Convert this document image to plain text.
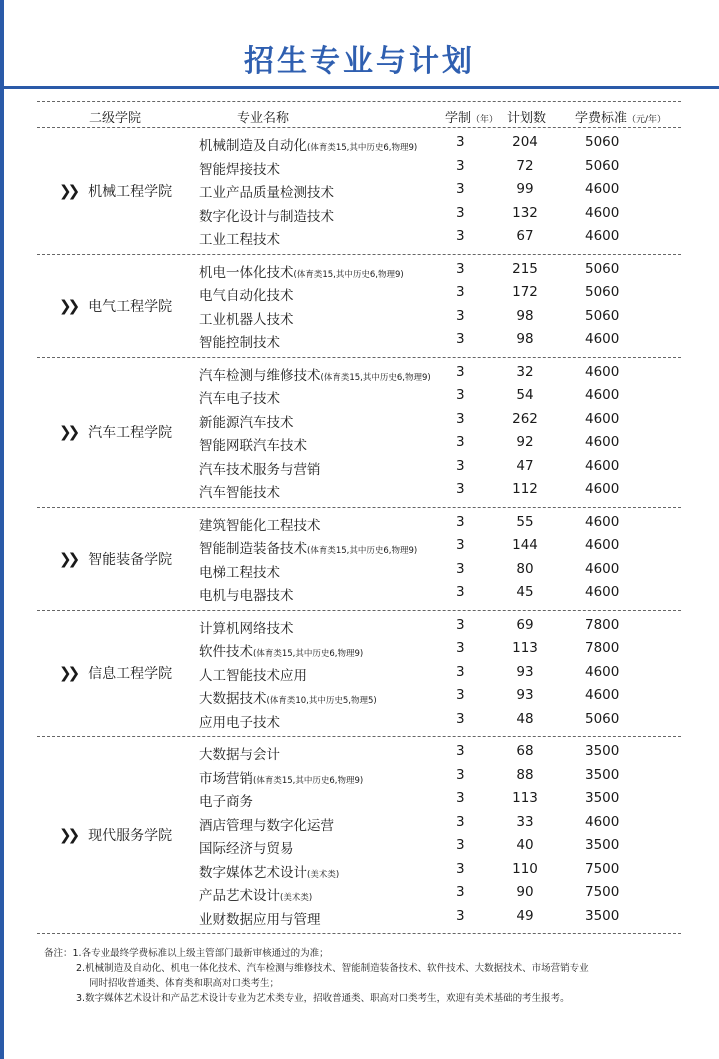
招生专业与计划
二级学院	专业名称	学制（年） 计划数 学费标准（元/年）
❯❯ 机械工程学院
机械制造及自动化(体育类15,其中历史6,物理9)	3	204	5060
智能焊接技术	3	72	5060
工业产品质量检测技术	3	99	4600
数字化设计与制造技术	3	132	4600
工业工程技术	3	67	4600
❯❯ 电气工程学院
机电一体化技术(体育类15,其中历史6,物理9)	3	215	5060
电气自动化技术	3	172	5060
工业机器人技术	3	98	5060
智能控制技术	3	98	4600
❯❯ 汽车工程学院
汽车检测与维修技术(体育类15,其中历史6,物理9) 3	32	4600
汽车电子技术	3	54	4600
新能源汽车技术	3	262	4600
智能网联汽车技术	3	92	4600
汽车技术服务与营销	3	47	4600
汽车智能技术	3	112	4600
❯❯ 智能装备学院
建筑智能化工程技术	3	55	4600
智能制造装备技术(体育类15,其中历史6,物理9)	3	144	4600
电梯工程技术	3	80	4600
电机与电器技术	3	45	4600
❯❯ 信息工程学院
计算机网络技术	3	69	7800
软件技术(体育类15,其中历史6,物理9)	3	113	7800
人工智能技术应用	3	93	4600
大数据技术(体育类10,其中历史5,物理5)	3	93	4600
应用电子技术	3	48	5060
❯❯ 现代服务学院
大数据与会计	3	68	3500
市场营销(体育类15,其中历史6,物理9)	3	88	3500
电子商务	3	113	3500
酒店管理与数字化运营	3	33	4600
国际经济与贸易	3	40	3500
数字媒体艺术设计(美术类)	3	110	7500
产品艺术设计(美术类)	3	90	7500
业财数据应用与管理	3	49	3500
备注：1.各专业最终学费标准以上级主管部门最新审核通过的为准；
2.机械制造及自动化、机电一体化技术、汽车检测与维修技术、智能制造装备技术、软件技术、大数据技术、市场营销专业
同时招收普通类、体育类和职高对口类考生；
3.数字媒体艺术设计和产品艺术设计专业为艺术类专业，招收普通类、职高对口类考生，欢迎有美术基础的考生报考。
